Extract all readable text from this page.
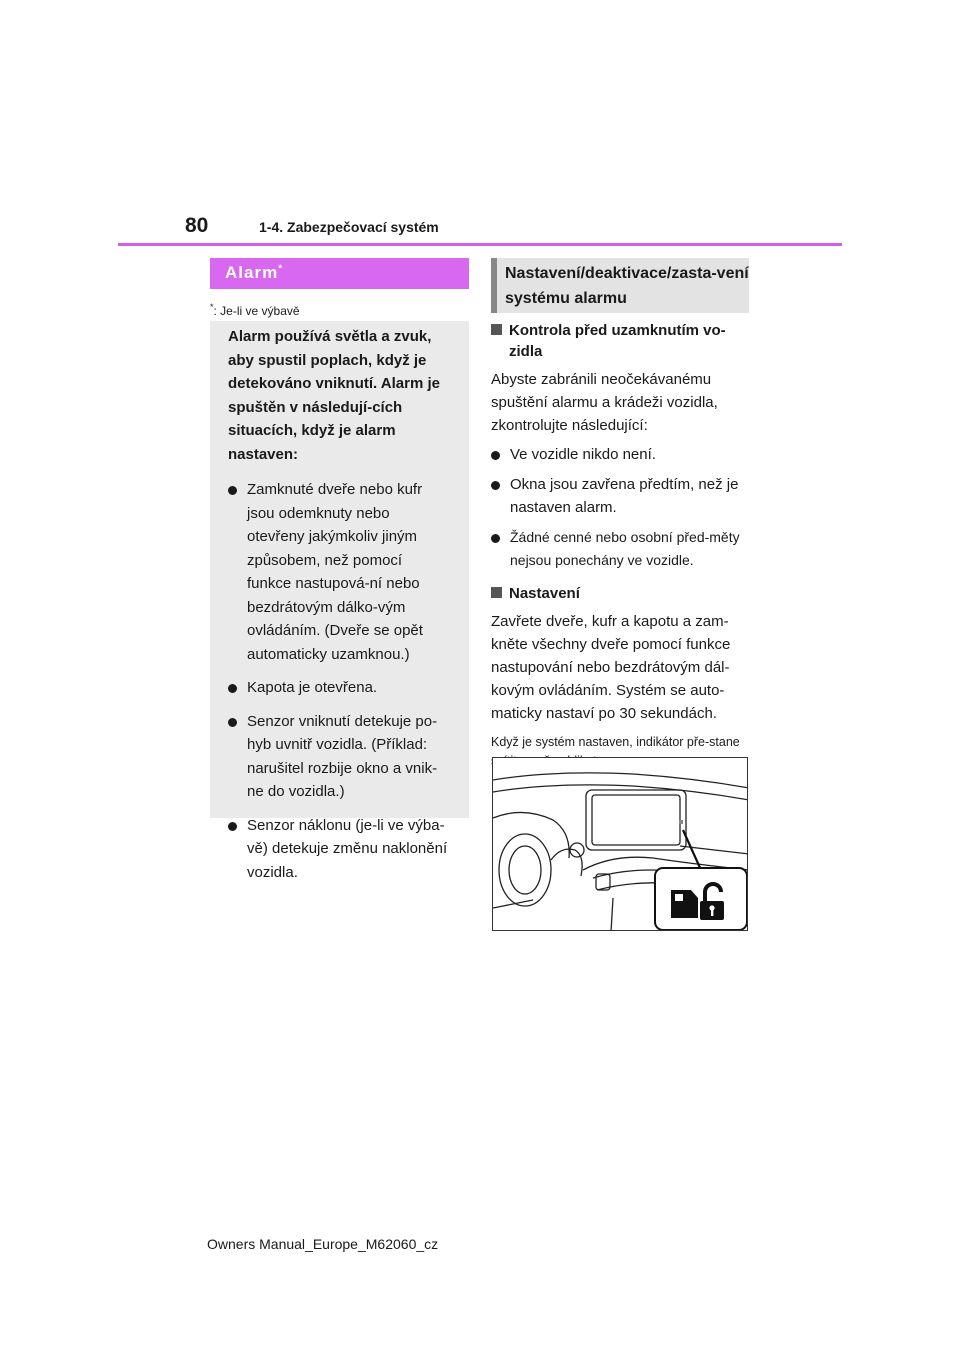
80	1-4. Zabezpečovací systém
Alarm*
*: Je-li ve výbavě

Alarm používá světla a zvuk, aby spustil poplach, když je detekováno vniknutí. Alarm je spuštěn v následují-cích situacích, když je alarm nastaven:

Zamknuté dveře nebo kufr jsou odemknuty nebo otevřeny jakýmkoliv jiným způsobem, než pomocí funkce nastupová-ní nebo bezdrátovým dálko-vým ovládáním. (Dveře se opět automaticky uzamknou.)
Kapota je otevřena.
Senzor vniknutí detekuje po-hyb uvnitř vozidla. (Příklad: narušitel rozbije okno a vnik-ne do vozidla.)
Senzor náklonu (je-li ve výba-vě) detekuje změnu naklonění vozidla.
Nastavení/deaktivace/zasta-vení systému alarmu
Kontrola před uzamknutím vo-zidla
Abyste zabránili neočekávanému spuštění alarmu a krádeži vozidla, zkontrolujte následující:
Ve vozidle nikdo není.
Okna jsou zavřena předtím, než je nastaven alarm.
Žádné cenné nebo osobní před-měty nejsou ponechány ve vozidle.
Nastavení
Zavřete dveře, kufr a kapotu a zam-kněte všechny dveře pomocí funkce nastupování nebo bezdrátovým dál-kovým ovládáním. Systém se auto-maticky nastaví po 30 sekundách.
Když je systém nastaven, indikátor pře-stane
Owners Manual_Europe_M62060_cz
